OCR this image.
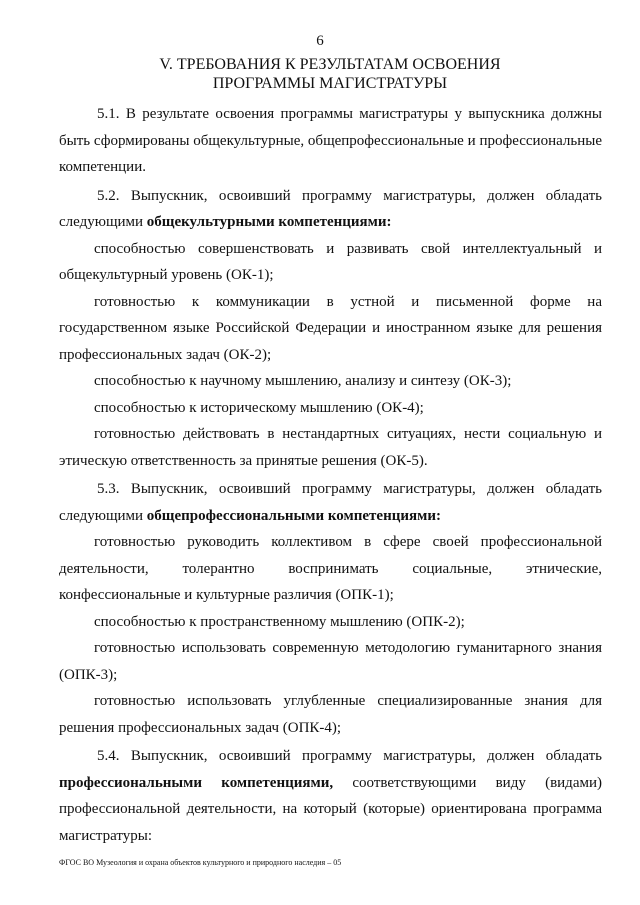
6
V. ТРЕБОВАНИЯ К РЕЗУЛЬТАТАМ ОСВОЕНИЯ
ПРОГРАММЫ МАГИСТРАТУРЫ

5.1. В результате освоения программы магистратуры у выпускника должны быть сформированы общекультурные, общепрофессиональные и профессиональные компетенции.

5.2. Выпускник, освоивший программу магистратуры, должен обладать следующими общекультурными компетенциями:

способностью совершенствовать и развивать свой интеллектуальный и общекультурный уровень (ОК-1);

готовностью к коммуникации в устной и письменной форме на государственном языке Российской Федерации и иностранном языке для решения профессиональных задач (ОК-2);

способностью к научному мышлению, анализу и синтезу (ОК-3);

способностью к историческому мышлению (ОК-4);

готовностью действовать в нестандартных ситуациях, нести социальную и этическую ответственность за принятые решения (ОК-5).

5.3. Выпускник, освоивший программу магистратуры, должен обладать следующими общепрофессиональными компетенциями:

готовностью руководить коллективом в сфере своей профессиональной деятельности, толерантно воспринимать социальные, этнические, конфессиональные и культурные различия (ОПК-1);

способностью к пространственному мышлению (ОПК-2);

готовностью использовать современную методологию гуманитарного знания (ОПК-3);

готовностью использовать углубленные специализированные знания для решения профессиональных задач (ОПК-4);

5.4. Выпускник, освоивший программу магистратуры, должен обладать профессиональными компетенциями, соответствующими виду (видами) профессиональной деятельности, на который (которые) ориентирована программа магистратуры:

ФГОС ВО Музеология и охрана объектов культурного и природного наследия – 05
